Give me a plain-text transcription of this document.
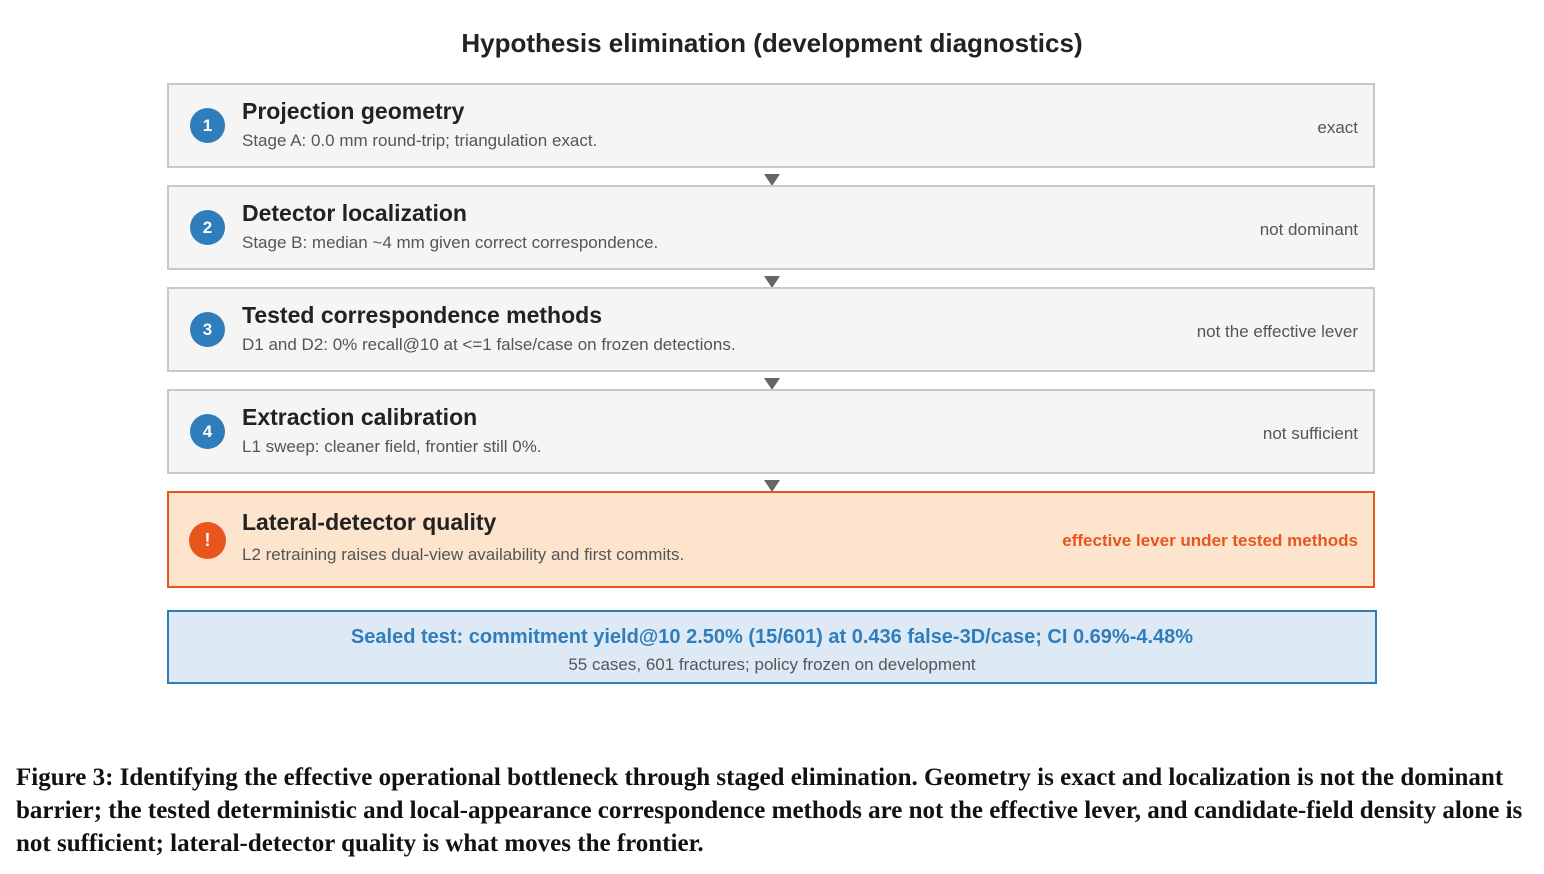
Hypothesis elimination (development diagnostics)
1
Projection geometry
Stage A: 0.0 mm round-trip; triangulation exact.
exact
2
Detector localization
Stage B: median ~4 mm given correct correspondence.
not dominant
3
Tested correspondence methods
D1 and D2: 0% recall@10 at <=1 false/case on frozen detections.
not the effective lever
4
Extraction calibration
L1 sweep: cleaner field, frontier still 0%.
not sufficient
!
Lateral-detector quality
L2 retraining raises dual-view availability and first commits.
effective lever under tested methods
Sealed test: commitment yield@10 2.50% (15/601) at 0.436 false-3D/case; CI 0.69%-4.48%
55 cases, 601 fractures; policy frozen on development
Figure 3: Identifying the effective operational bottleneck through staged elimination. Geometry is exact and localization is not the dominant barrier; the tested deterministic and local-appearance correspondence methods are not the effective lever, and candidate-field density alone is not sufficient; lateral-detector quality is what moves the frontier.
